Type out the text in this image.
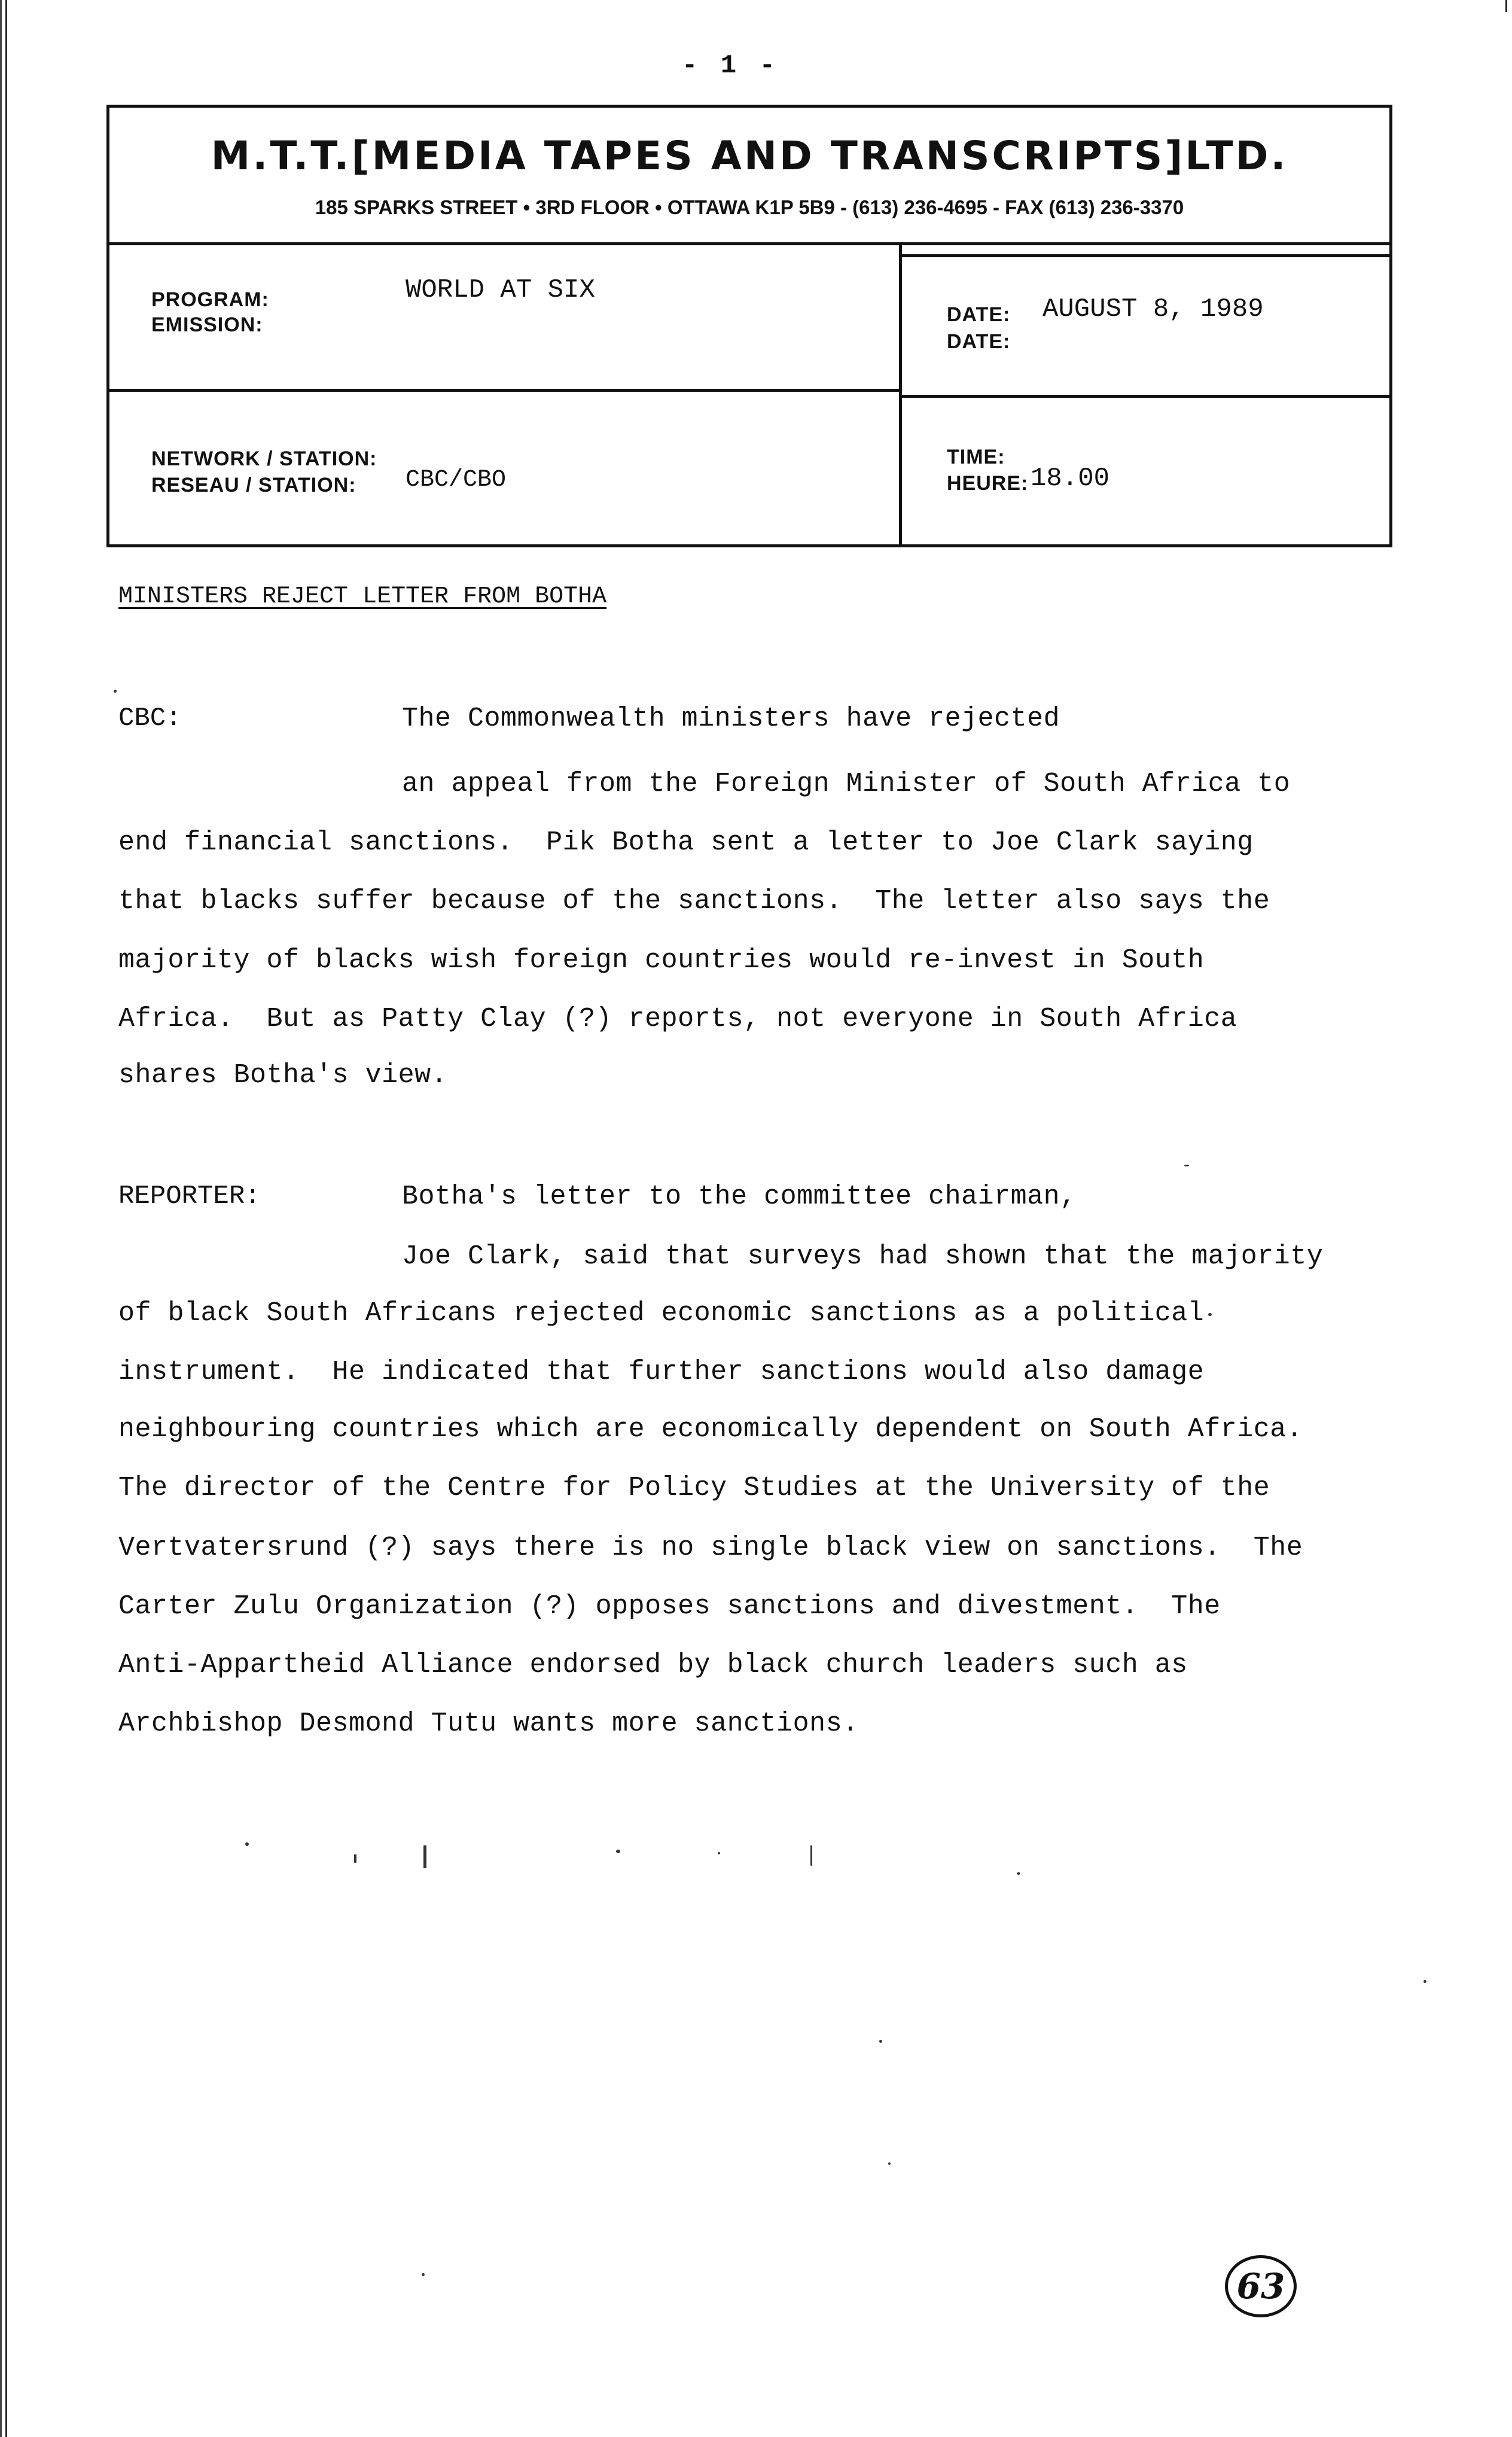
- 1 -
M.T.T.[MEDIA TAPES AND TRANSCRIPTS]LTD.
185 SPARKS STREET • 3RD FLOOR • OTTAWA K1P 5B9 - (613) 236-4695 - FAX (613) 236-3370
PROGRAM:
EMISSION:
WORLD AT SIX
DATE:
DATE:
AUGUST 8, 1989
NETWORK / STATION:
RESEAU / STATION: CBC/CBO
TIME:
HEURE: 18.00
MINISTERS REJECT LETTER FROM BOTHA
CBC:	The Commonwealth ministers have rejected
an appeal from the Foreign Minister of South Africa to
end financial sanctions.  Pik Botha sent a letter to Joe Clark saying
that blacks suffer because of the sanctions.  The letter also says the
majority of blacks wish foreign countries would re-invest in South
Africa.  But as Patty Clay (?) reports, not everyone in South Africa
shares Botha's view.
REPORTER:	Botha's letter to the committee chairman,
Joe Clark, said that surveys had shown that the majority
of black South Africans rejected economic sanctions as a political
instrument.  He indicated that further sanctions would also damage
neighbouring countries which are economically dependent on South Africa.
The director of the Centre for Policy Studies at the University of the
Vertvatersrund (?) says there is no single black view on sanctions.  The
Carter Zulu Organization (?) opposes sanctions and divestment.  The
Anti-Appartheid Alliance endorsed by black church leaders such as
Archbishop Desmond Tutu wants more sanctions.
63
